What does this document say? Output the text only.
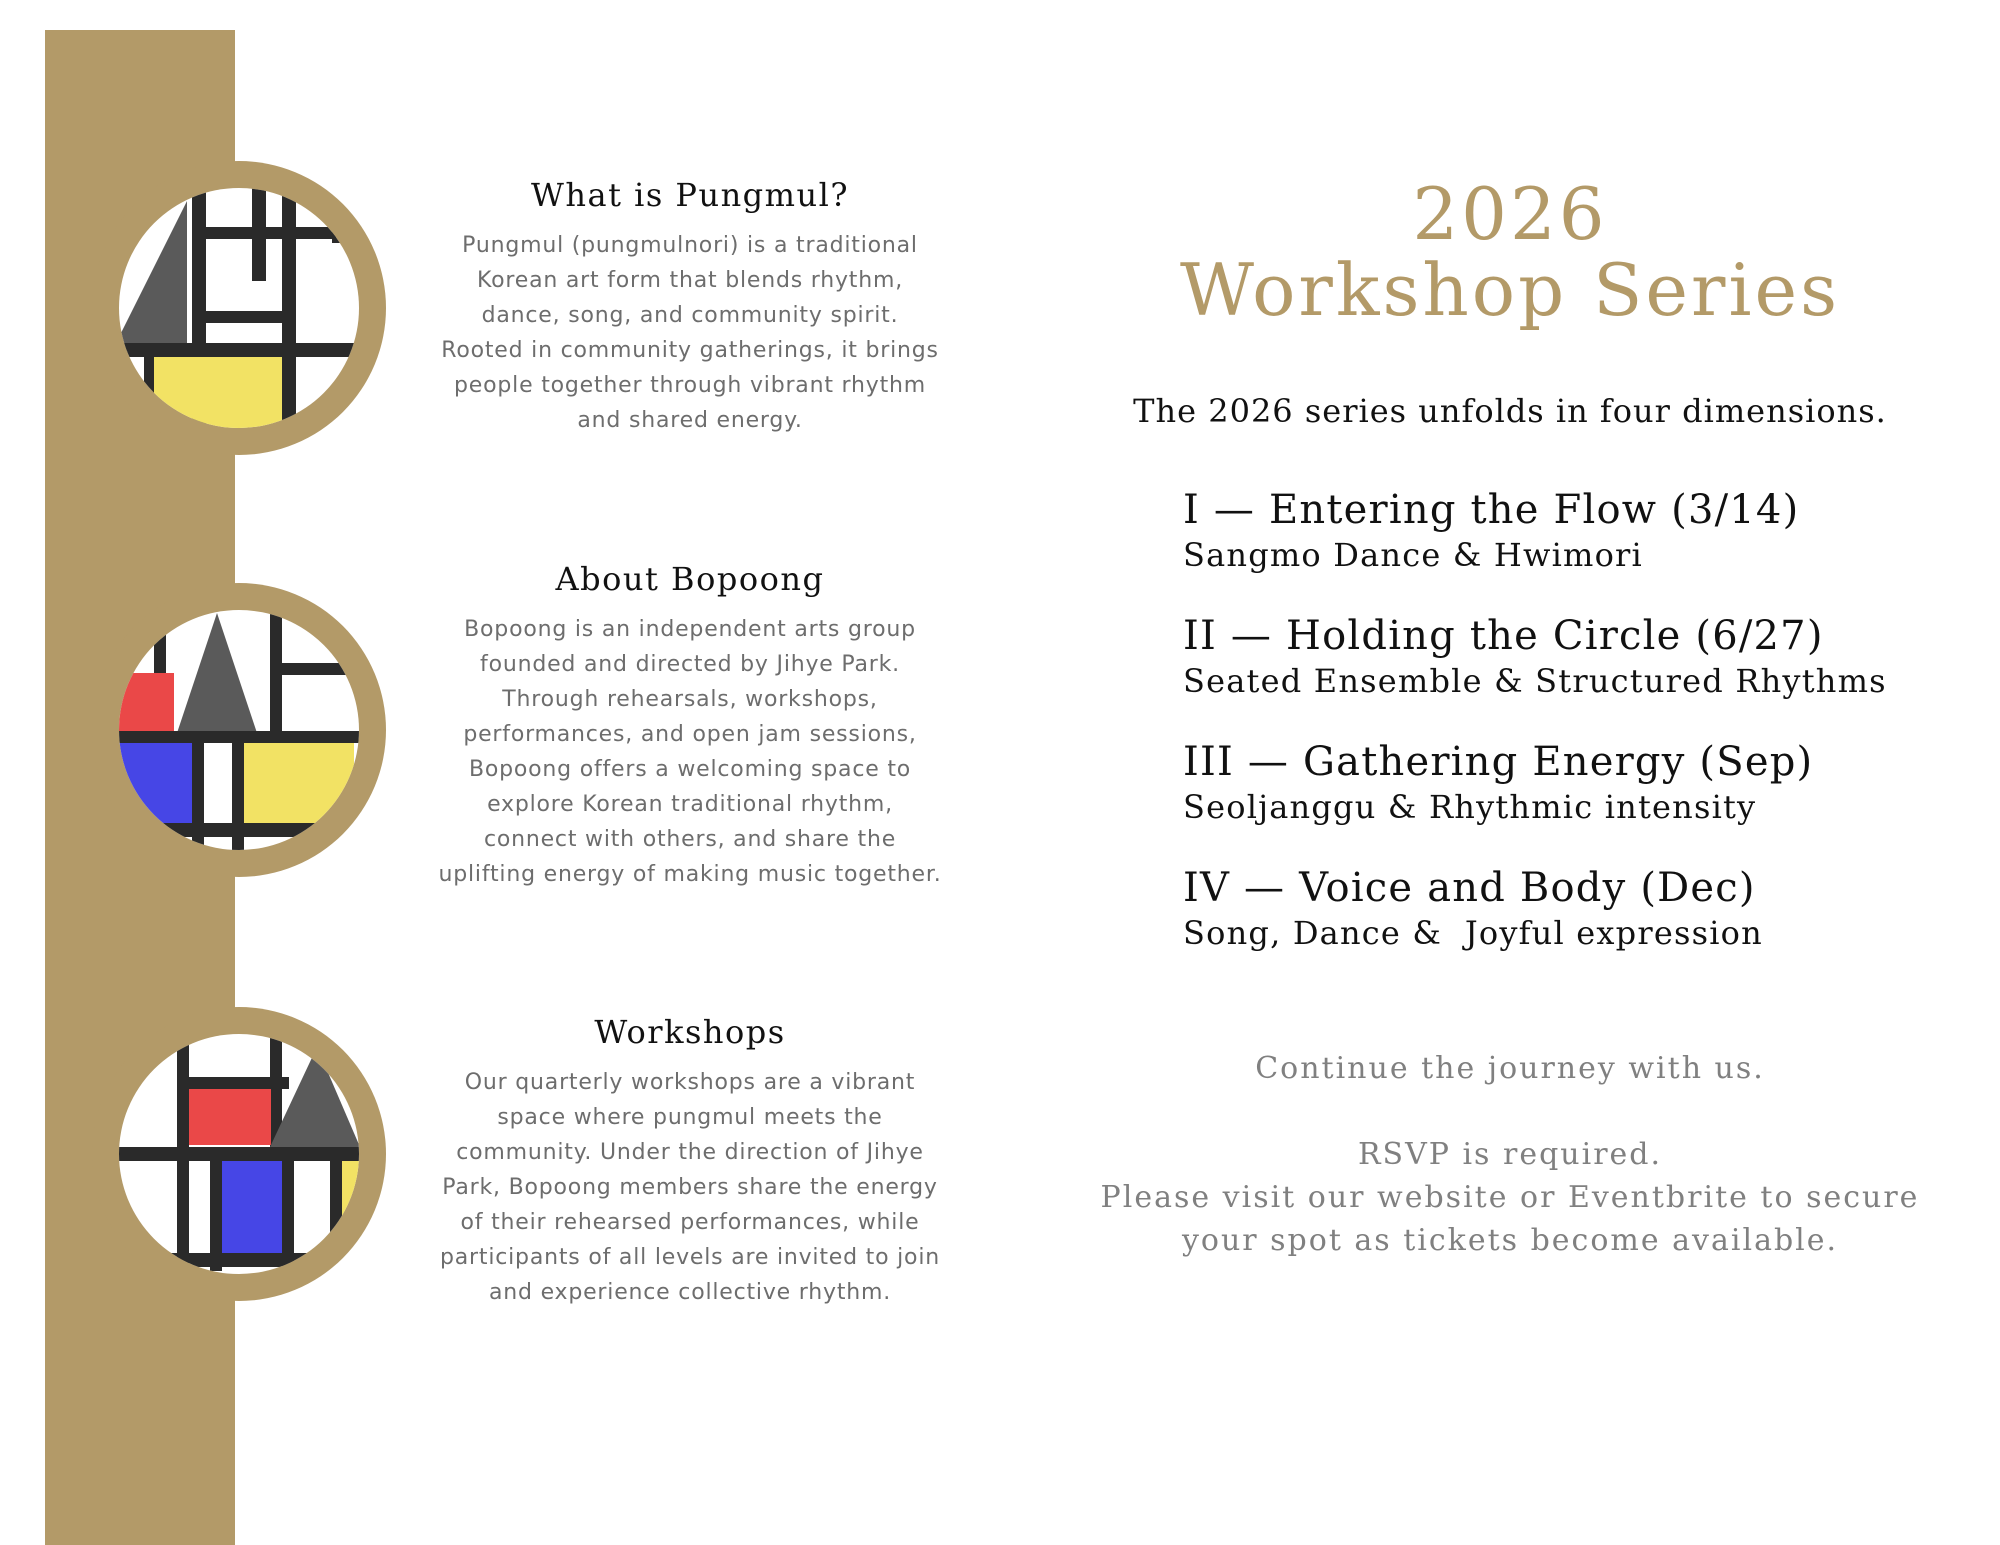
What is Pungmul?

Pungmul (pungmulnori) is a traditional
Korean art form that blends rhythm,
dance, song, and community spirit.
Rooted in community gatherings, it brings
people together through vibrant rhythm
and shared energy.

About Bopoong

Bopoong is an independent arts group
founded and directed by Jihye Park.
Through rehearsals, workshops,
performances, and open jam sessions,
Bopoong offers a welcoming space to
explore Korean traditional rhythm,
connect with others, and share the
uplifting energy of making music together.

Workshops

Our quarterly workshops are a vibrant
space where pungmul meets the
community. Under the direction of Jihye
Park, Bopoong members share the energy
of their rehearsed performances, while
participants of all levels are invited to join
and experience collective rhythm.

2026
Workshop Series

The 2026 series unfolds in four dimensions.

I — Entering the Flow (3/14)
Sangmo Dance & Hwimori
II — Holding the Circle (6/27)
Seated Ensemble & Structured Rhythms
III — Gathering Energy (Sep)
Seoljanggu & Rhythmic intensity
IV — Voice and Body (Dec)
Song, Dance &  Joyful expression
Continue the journey with us.
RSVP is required.
Please visit our website or Eventbrite to secure
your spot as tickets become available.
